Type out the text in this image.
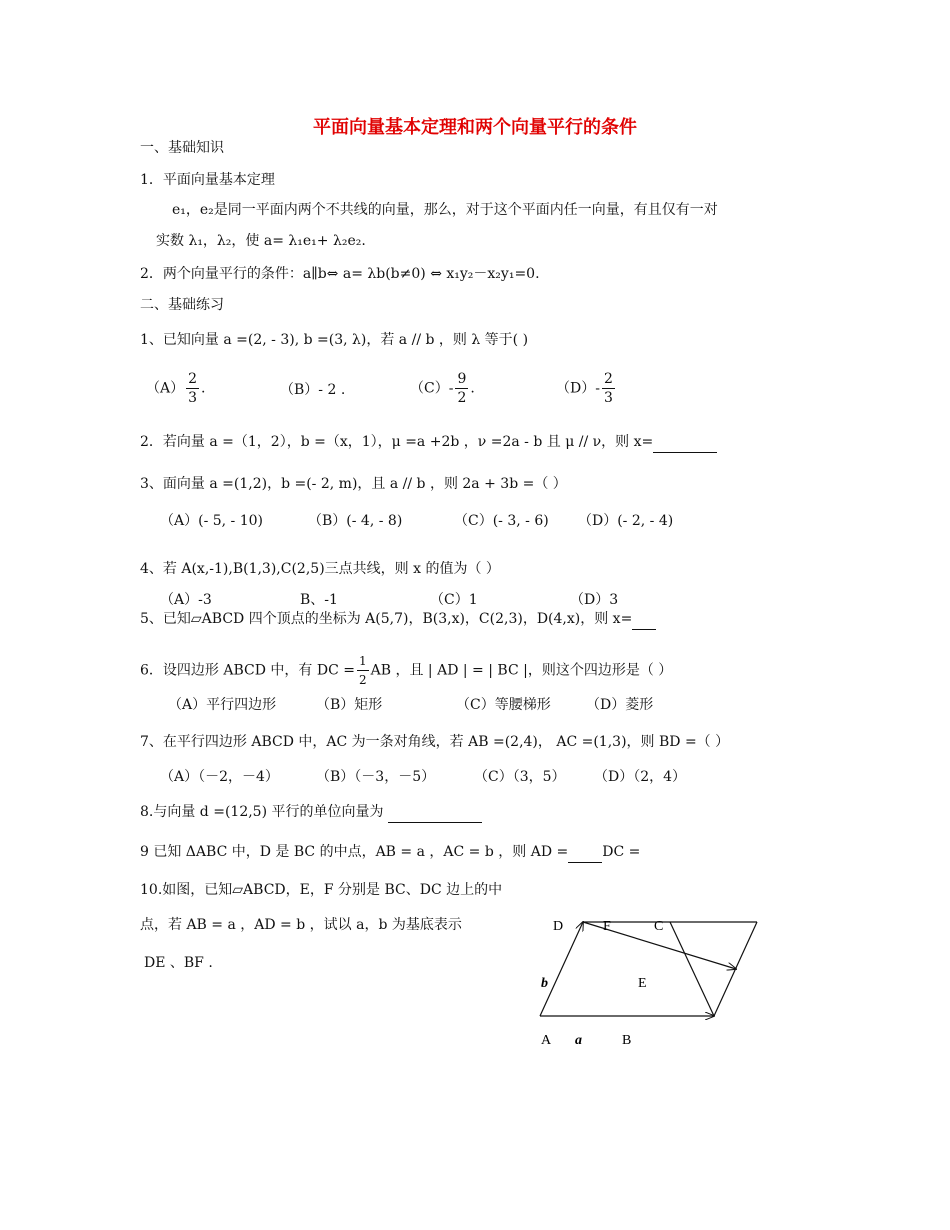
平面向量基本定理和两个向量平行的条件
一、基础知识
1．平面向量基本定理
e₁，e₂是同一平面内两个不共线的向量，那么，对于这个平面内任一向量，有且仅有一对
实数 λ₁，λ₂，使 a= λ₁e₁+ λ₂e₂.
2．两个向量平行的条件：a∥b⇔ a= λb(b≠0) ⇔ x₁y₂－x₂y₁=0.
二、基础练习
1、已知向量 a =(2, - 3), b =(3, λ)，若 a // b ，则 λ 等于( )
$(A) \frac{2}{3}$ .	（B）- 2 .	$(C)- \frac{9}{2}$ .	$(D)- \frac{2}{3}$
2．若向量 a =（1，2），b =（x，1），μ =a +2b ，ν =2a - b 且 μ // ν，则 x=
3、面向量 a =(1,2)，b =(- 2, m)，且 a // b ，则 2a + 3b =（ ）
（A）(- 5, - 10)	（B）(- 4, - 8)	（C）(- 3, - 6) （D）(- 2, - 4)
4、若 A(x,-1),B(1,3),C(2,5)三点共线，则 x 的值为（ ）
（A）-3	B、-1	（C）1	（D）3
5、已知▱ABCD 四个顶点的坐标为 A(5,7)，B(3,x)，C(2,3)，D(4,x)，则 x=
6．设四边形 ABCD 中，有 DC = $\frac{1}{2}$ AB ，且 | AD | = | BC |，则这个四边形是（ ）
（A）平行四边形	（B）矩形	（C）等腰梯形	（D）菱形
7、在平行四边形 ABCD 中，AC 为一条对角线，若 AB =(2,4)， AC =(1,3)，则 BD =（ ）
（A）（－2，－4）	（B）（－3，－5）	（C）（3，5） （D）（2，4）
8.与向量 d =(12,5) 平行的单位向量为
9 已知 ΔABC 中，D 是 BC 的中点，AB = a ，AC = b ，则 AD = DC =
10.如图，已知▱ABCD，E，F 分别是 BC、DC 边上的中
点，若 AB = a ，AD = b ，试以 a，b 为基底表示
DE 、BF .
D	F	C
b	E
A a	B
